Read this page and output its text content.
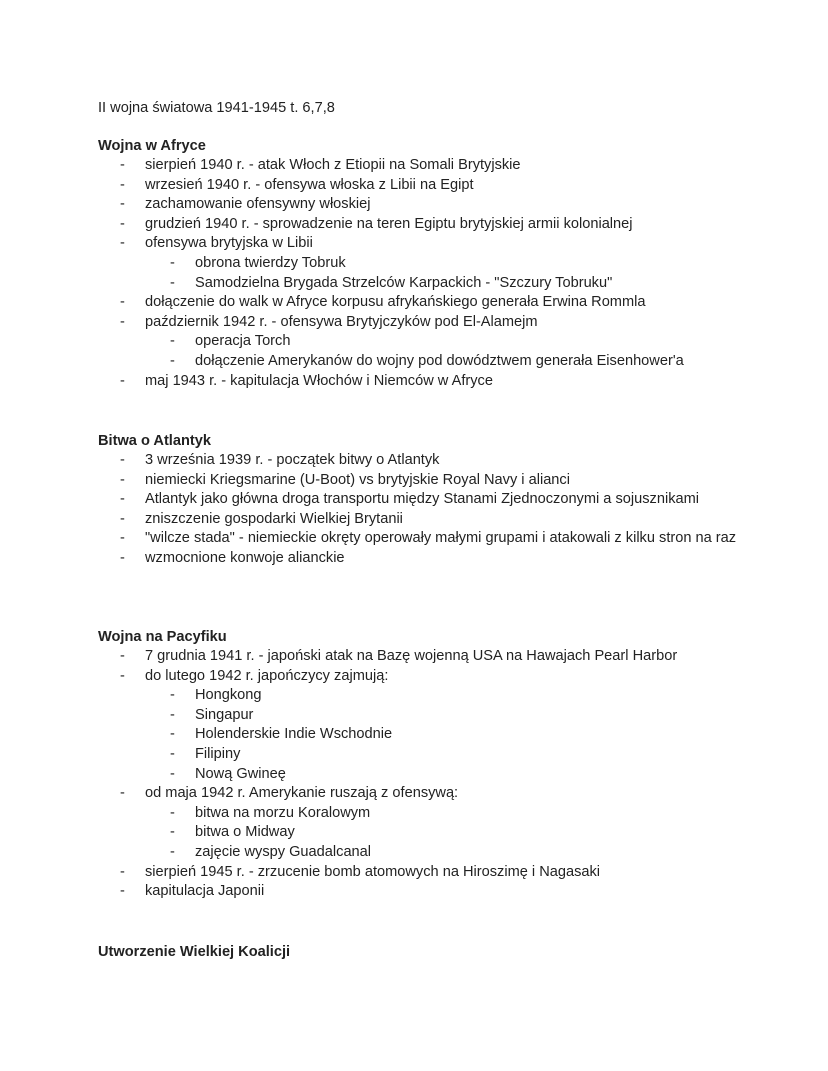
II wojna światowa 1941-1945 t. 6,7,8
Wojna w Afryce
- sierpień 1940 r. - atak Włoch z Etiopii na Somali Brytyjskie
- wrzesień 1940 r. - ofensywa włoska z Libii na Egipt
- zachamowanie ofensywny włoskiej
- grudzień 1940 r. - sprowadzenie na teren Egiptu brytyjskiej armii kolonialnej
- ofensywa brytyjska w Libii
- obrona twierdzy Tobruk
- Samodzielna Brygada Strzelców Karpackich - "Szczury Tobruku"
- dołączenie do walk w Afryce korpusu afrykańskiego generała Erwina Rommla
- październik 1942 r. - ofensywa Brytyjczyków pod El-Alamejm
- operacja Torch
- dołączenie Amerykanów do wojny pod dowództwem generała Eisenhower'a
- maj 1943 r. - kapitulacja Włochów i Niemców w Afryce
Bitwa o Atlantyk
- 3 września 1939 r. - początek bitwy o Atlantyk
- niemiecki Kriegsmarine (U-Boot) vs brytyjskie Royal Navy i alianci
- Atlantyk jako główna droga transportu między Stanami Zjednoczonymi a sojusznikami
- zniszczenie gospodarki Wielkiej Brytanii
- "wilcze stada" - niemieckie okręty operowały małymi grupami i atakowali z kilku stron na raz
- wzmocnione konwoje alianckie
Wojna na Pacyfiku
- 7 grudnia 1941 r. - japoński atak na Bazę wojenną USA na Hawajach Pearl Harbor
- do lutego 1942 r. japończycy zajmują:
- Hongkong
- Singapur
- Holenderskie Indie Wschodnie
- Filipiny
- Nową Gwineę
- od maja 1942 r. Amerykanie ruszają z ofensywą:
- bitwa na morzu Koralowym
- bitwa o Midway
- zajęcie wyspy Guadalcanal
- sierpień 1945 r. - zrzucenie bomb atomowych na Hiroszimę i Nagasaki
- kapitulacja Japonii
Utworzenie Wielkiej Koalicji
